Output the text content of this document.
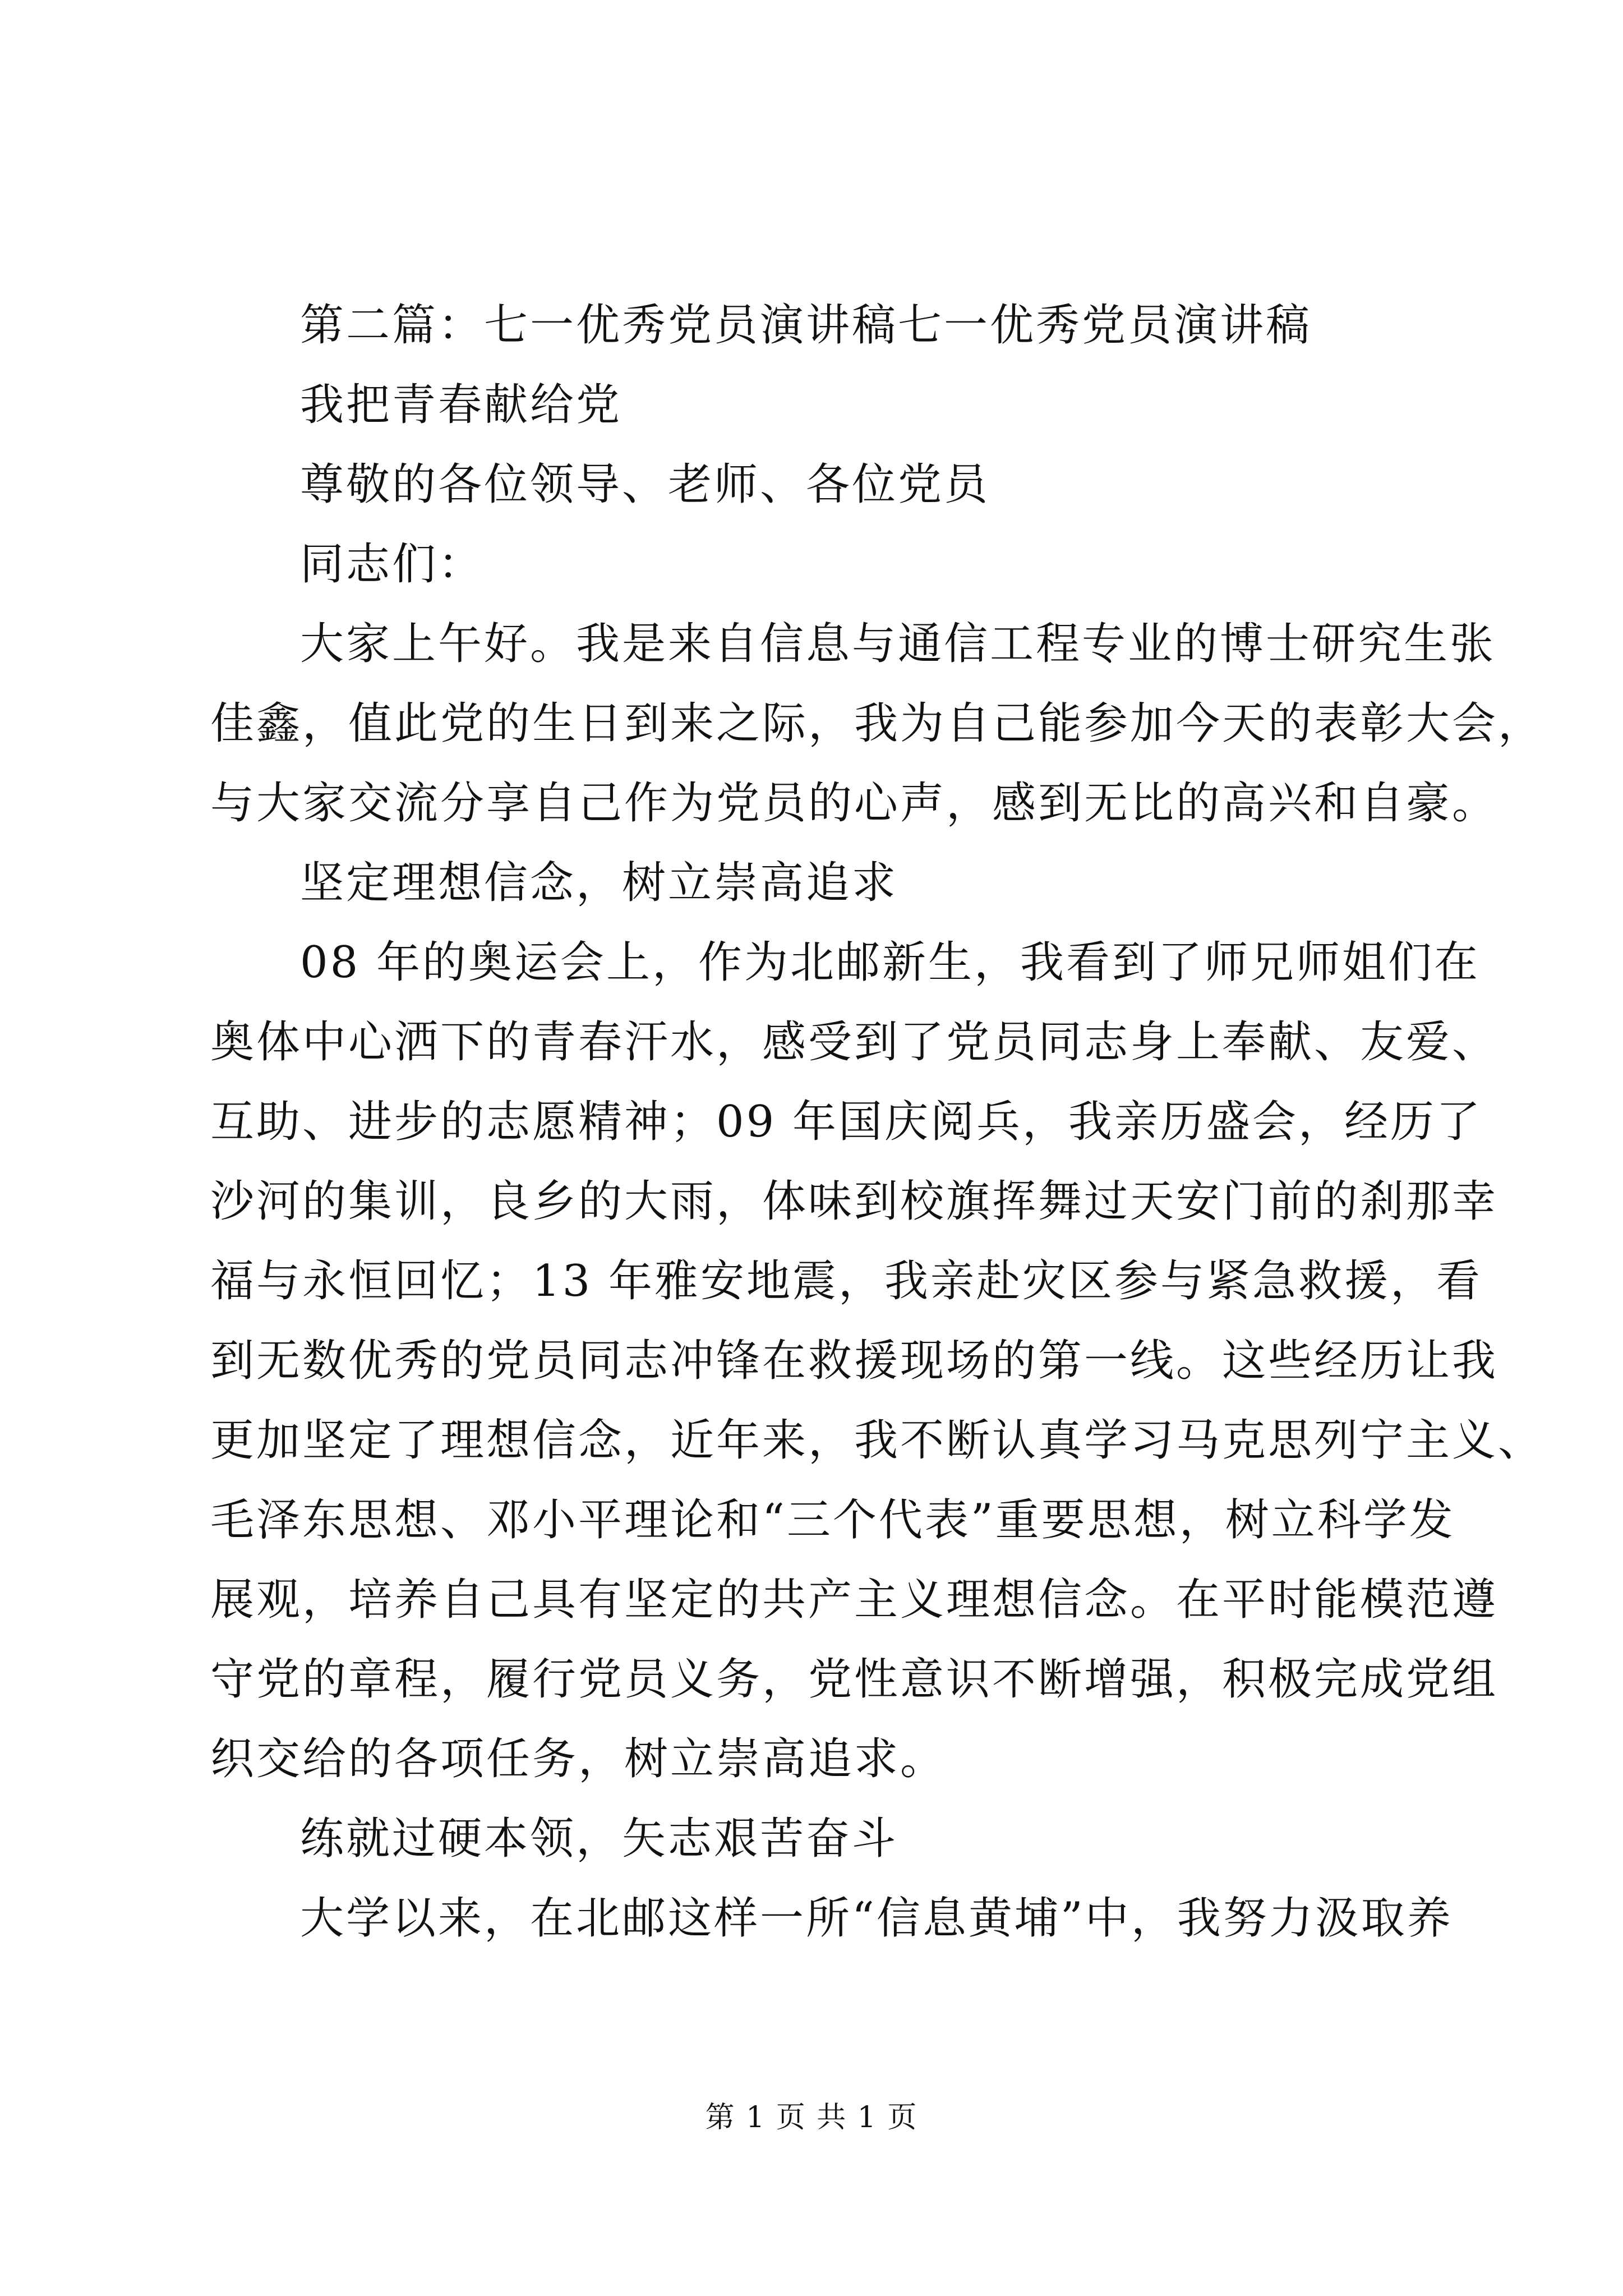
第二篇：七一优秀党员演讲稿七一优秀党员演讲稿
我把青春献给党
尊敬的各位领导、老师、各位党员
同志们：
大家上午好。我是来自信息与通信工程专业的博士研究生张
佳鑫，值此党的生日到来之际，我为自己能参加今天的表彰大会，
与大家交流分享自己作为党员的心声，感到无比的高兴和自豪。
坚定理想信念，树立崇高追求
08 年的奥运会上，作为北邮新生，我看到了师兄师姐们在
奥体中心洒下的青春汗水，感受到了党员同志身上奉献、友爱、
互助、进步的志愿精神；09 年国庆阅兵，我亲历盛会，经历了
沙河的集训，良乡的大雨，体味到校旗挥舞过天安门前的刹那幸
福与永恒回忆；13 年雅安地震，我亲赴灾区参与紧急救援，看
到无数优秀的党员同志冲锋在救援现场的第一线。这些经历让我
更加坚定了理想信念，近年来，我不断认真学习马克思列宁主义、
毛泽东思想、邓小平理论和“三个代表”重要思想，树立科学发
展观，培养自己具有坚定的共产主义理想信念。在平时能模范遵
守党的章程，履行党员义务，党性意识不断增强，积极完成党组
织交给的各项任务，树立崇高追求。
练就过硬本领，矢志艰苦奋斗
大学以来，在北邮这样一所“信息黄埔”中，我努力汲取养
第 1 页 共 1 页
